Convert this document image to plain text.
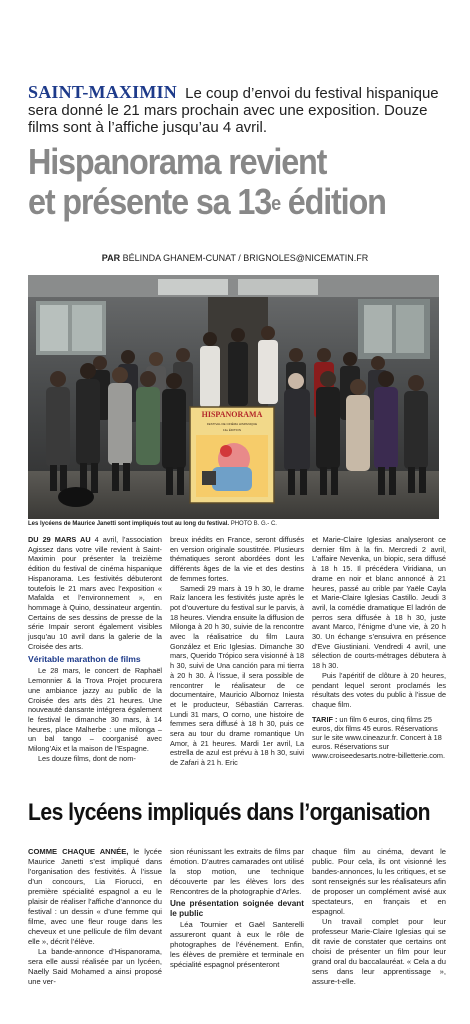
SAINT-MAXIMIN Le coup d’envoi du festival hispanique sera donné le 21 mars prochain avec une exposition. Douze films sont à l’affiche jusqu’au 4 avril.
Hispanorama revient
et présente sa 13e édition
PAR BÉLINDA GHANEM-CUNAT / BRIGNOLES@NICEMATIN.FR
HISPANORAMA
FESTIVAL DE CINÉMA HISPANIQUE
13e ÉDITION
Les lycéens de Maurice Janetti sont impliqués tout au long du festival. PHOTO B. G.- C.

DU 29 MARS AU 4 avril, l’association Agissez dans votre ville revient à Saint-Maximin pour présenter la treizième édition du festival de cinéma hispanique Hispanorama. Les festivités débuteront toutefois le 21 mars avec l’exposition « Mafalda et l’environnement », en hommage à Quino, dessinateur argentin. Certains de ses dessins de presse de la série Impair seront également visibles jusqu’au 10 avril dans la galerie de la Croisée des arts.

Véritable marathon de films

Le 28 mars, le concert de Raphaël Lemonnier & la Trova Projet procurera une ambiance jazzy au public de la Croisée des arts dès 21 heures. Une nouveauté dansante intégrera également le festival le dimanche 30 mars, à 14 heures, place Malherbe : une milonga – un bal tango – coorganisé avec Milong’Aix et la maison de l’Espagne.

Les douze films, dont de nom-

breux inédits en France, seront diffusés en version originale soustitrée. Plusieurs thématiques seront abordées dont les différents âges de la vie et des destins de femmes fortes.

Samedi 29 mars à 19 h 30, le drame Raíz lancera les festivités juste après le pot d’ouverture du festival sur le parvis, à 18 heures. Viendra ensuite la diffusion de Milonga à 20 h 30, suivie de la rencontre avec la réalisatrice du film Laura González et Eric Iglesias. Dimanche 30 mars, Querido Trópico sera visionné à 18 h 30, suivi de Una canción para mi tierra à 20 h 30. À l’issue, il sera possible de rencontrer le réalisateur de ce documentaire, Mauricio Albornoz Iniesta et le producteur, Sébastián Carreras. Lundi 31 mars, O corno, une histoire de femmes sera diffusé à 18 h 30, puis ce sera au tour du drame romantique Un Amor, à 21 heures. Mardi 1er avril, La estrella de azul est prévu à 18 h 30, suivi de Zafari à 21 h. Eric

et Marie-Claire Iglesias analyseront ce dernier film à la fin. Mercredi 2 avril, L’affaire Nevenka, un biopic, sera diffusé à 18 h 15. Il précédera Viridiana, un drame en noir et blanc annoncé à 21 heures, passé au crible par Yaële Cayla et Marie-Claire Iglesias Castillo. Jeudi 3 avril, la comédie dramatique El ladrón de perros sera diffusée à 18 h 30, juste avant Marco, l’énigme d’une vie, à 20 h 30. Un échange s’ensuivra en présence d’Eve Giustiniani. Vendredi 4 avril, une sélection de courts-métrages débutera à 18 h 30.

Puis l’apéritif de clôture à 20 heures, pendant lequel seront proclamés les résultats des votes du public à l’issue de chaque film.

TARIF : un film 6 euros, cinq films 25 euros, dix films 45 euros. Réservations sur le site www.cineazur.fr. Concert à 18 euros. Réservations sur www.croiseedesarts.notre-billetterie.com.

Les lycéens impliqués dans l’organisation

COMME CHAQUE ANNÉE, le lycée Maurice Janetti s’est impliqué dans l’organisation des festivités. À l’issue d’un concours, Lia Fiorucci, en première spécialité espagnol a eu le plaisir de réaliser l’affiche d’annonce du festival : un dessin « d’une femme qui filme, avec une fleur rouge dans les cheveux et une pellicule de film devant elle », décrit l’élève.

La bande-annonce d’Hispanorama, sera elle aussi réalisée par un lycéen, Naelly Said Mohamed a ainsi proposé une ver-

sion réunissant les extraits de films par émotion. D’autres camarades ont utilisé la stop motion, une technique découverte par les élèves lors des Rencontres de la photographie d’Arles.

Une présentation soignée devant le public

Léa Tournier et Gaël Santerelli assureront quant à eux le rôle de photographes de l’événement. Enfin, les élèves de première et terminale en spécialité espagnol présenteront

chaque film au cinéma, devant le public. Pour cela, ils ont visionné les bandes-annonces, lu les critiques, et se sont renseignés sur les réalisateurs afin de proposer un complément avisé aux spectateurs, en français et en espagnol.

Un travail complet pour leur professeur Marie-Claire Iglesias qui se dit ravie de constater que certains ont choisi de présenter un film pour leur grand oral du baccalauréat. « Cela a du sens dans leur apprentissage », assure-t-elle.
